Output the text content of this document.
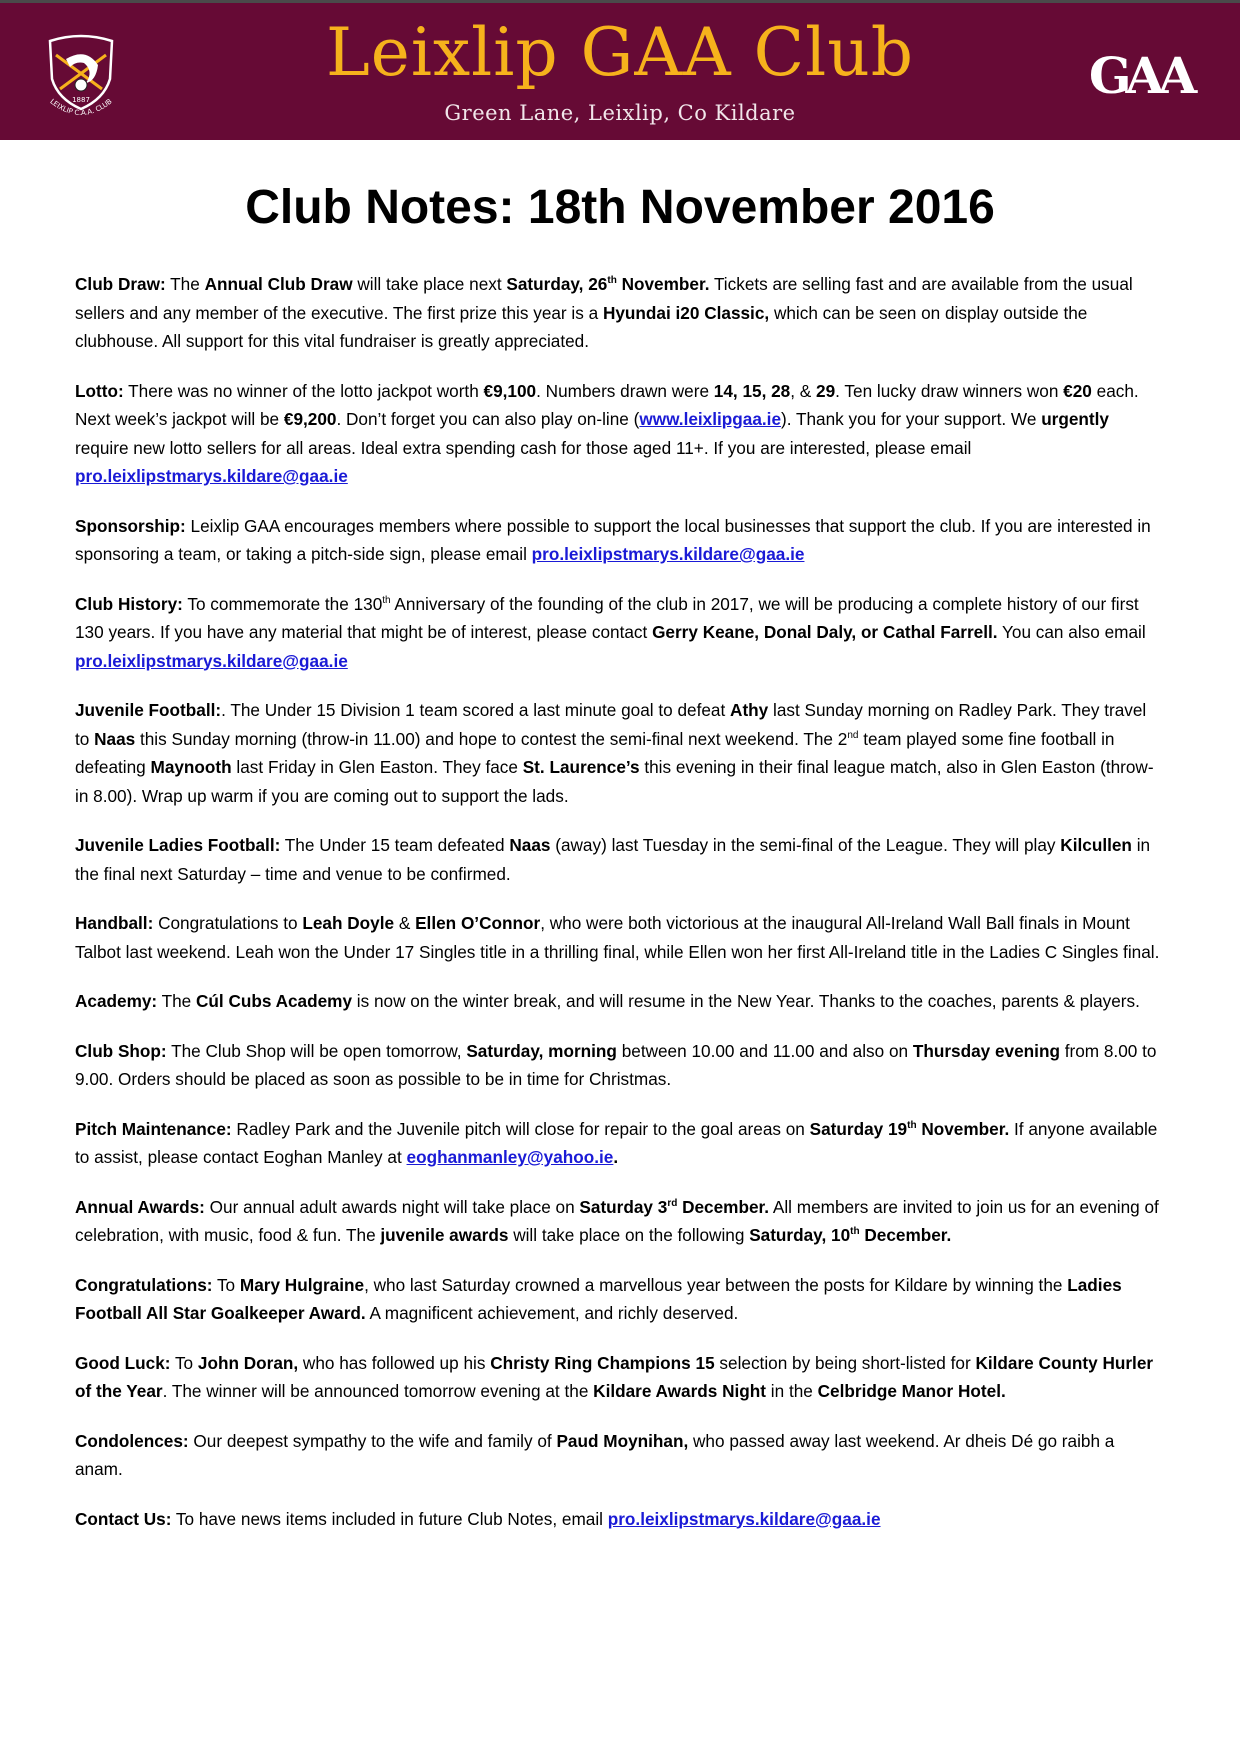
1887
LEIXLIP C.A.A. CLUB
Leixlip GAA Club
Green Lane, Leixlip, Co Kildare
GAA
Club Notes: 18th November 2016

Club Draw: The Annual Club Draw will take place next Saturday, 26th November. Tickets are selling fast and are available from the usual sellers and any member of the executive. The first prize this year is a Hyundai i20 Classic, which can be seen on display outside the clubhouse. All support for this vital fundraiser is greatly appreciated.

Lotto: There was no winner of the lotto jackpot worth €9,100. Numbers drawn were 14, 15, 28, & 29. Ten lucky draw winners won €20 each. Next week’s jackpot will be €9,200. Don’t forget you can also play on-line (www.leixlipgaa.ie). Thank you for your support. We urgently require new lotto sellers for all areas. Ideal extra spending cash for those aged 11+. If you are interested, please email pro.leixlipstmarys.kildare@gaa.ie

Sponsorship: Leixlip GAA encourages members where possible to support the local businesses that support the club. If you are interested in sponsoring a team, or taking a pitch-side sign, please email pro.leixlipstmarys.kildare@gaa.ie

Club History: To commemorate the 130th Anniversary of the founding of the club in 2017, we will be producing a complete history of our first 130 years. If you have any material that might be of interest, please contact Gerry Keane, Donal Daly, or Cathal Farrell. You can also email pro.leixlipstmarys.kildare@gaa.ie

Juvenile Football:. The Under 15 Division 1 team scored a last minute goal to defeat Athy last Sunday morning on Radley Park. They travel to Naas this Sunday morning (throw-in 11.00) and hope to contest the semi-final next weekend. The 2nd team played some fine football in defeating Maynooth last Friday in Glen Easton. They face St. Laurence’s this evening in their final league match, also in Glen Easton (throw-in 8.00). Wrap up warm if you are coming out to support the lads.

Juvenile Ladies Football: The Under 15 team defeated Naas (away) last Tuesday in the semi-final of the League. They will play Kilcullen in the final next Saturday – time and venue to be confirmed.

Handball: Congratulations to Leah Doyle & Ellen O’Connor, who were both victorious at the inaugural All-Ireland Wall Ball finals in Mount Talbot last weekend. Leah won the Under 17 Singles title in a thrilling final, while Ellen won her first All-Ireland title in the Ladies C Singles final.

Academy: The Cúl Cubs Academy is now on the winter break, and will resume in the New Year. Thanks to the coaches, parents & players.

Club Shop: The Club Shop will be open tomorrow, Saturday, morning between 10.00 and 11.00 and also on Thursday evening from 8.00 to 9.00. Orders should be placed as soon as possible to be in time for Christmas.

Pitch Maintenance: Radley Park and the Juvenile pitch will close for repair to the goal areas on Saturday 19th November. If anyone available to assist, please contact Eoghan Manley at eoghanmanley@yahoo.ie.

Annual Awards: Our annual adult awards night will take place on Saturday 3rd December. All members are invited to join us for an evening of celebration, with music, food & fun. The juvenile awards will take place on the following Saturday, 10th December.

Congratulations: To Mary Hulgraine, who last Saturday crowned a marvellous year between the posts for Kildare by winning the Ladies Football All Star Goalkeeper Award. A magnificent achievement, and richly deserved.

Good Luck: To John Doran, who has followed up his Christy Ring Champions 15 selection by being short-listed for Kildare County Hurler of the Year. The winner will be announced tomorrow evening at the Kildare Awards Night in the Celbridge Manor Hotel.

Condolences: Our deepest sympathy to the wife and family of Paud Moynihan, who passed away last weekend. Ar dheis Dé go raibh a anam.

Contact Us: To have news items included in future Club Notes, email pro.leixlipstmarys.kildare@gaa.ie
